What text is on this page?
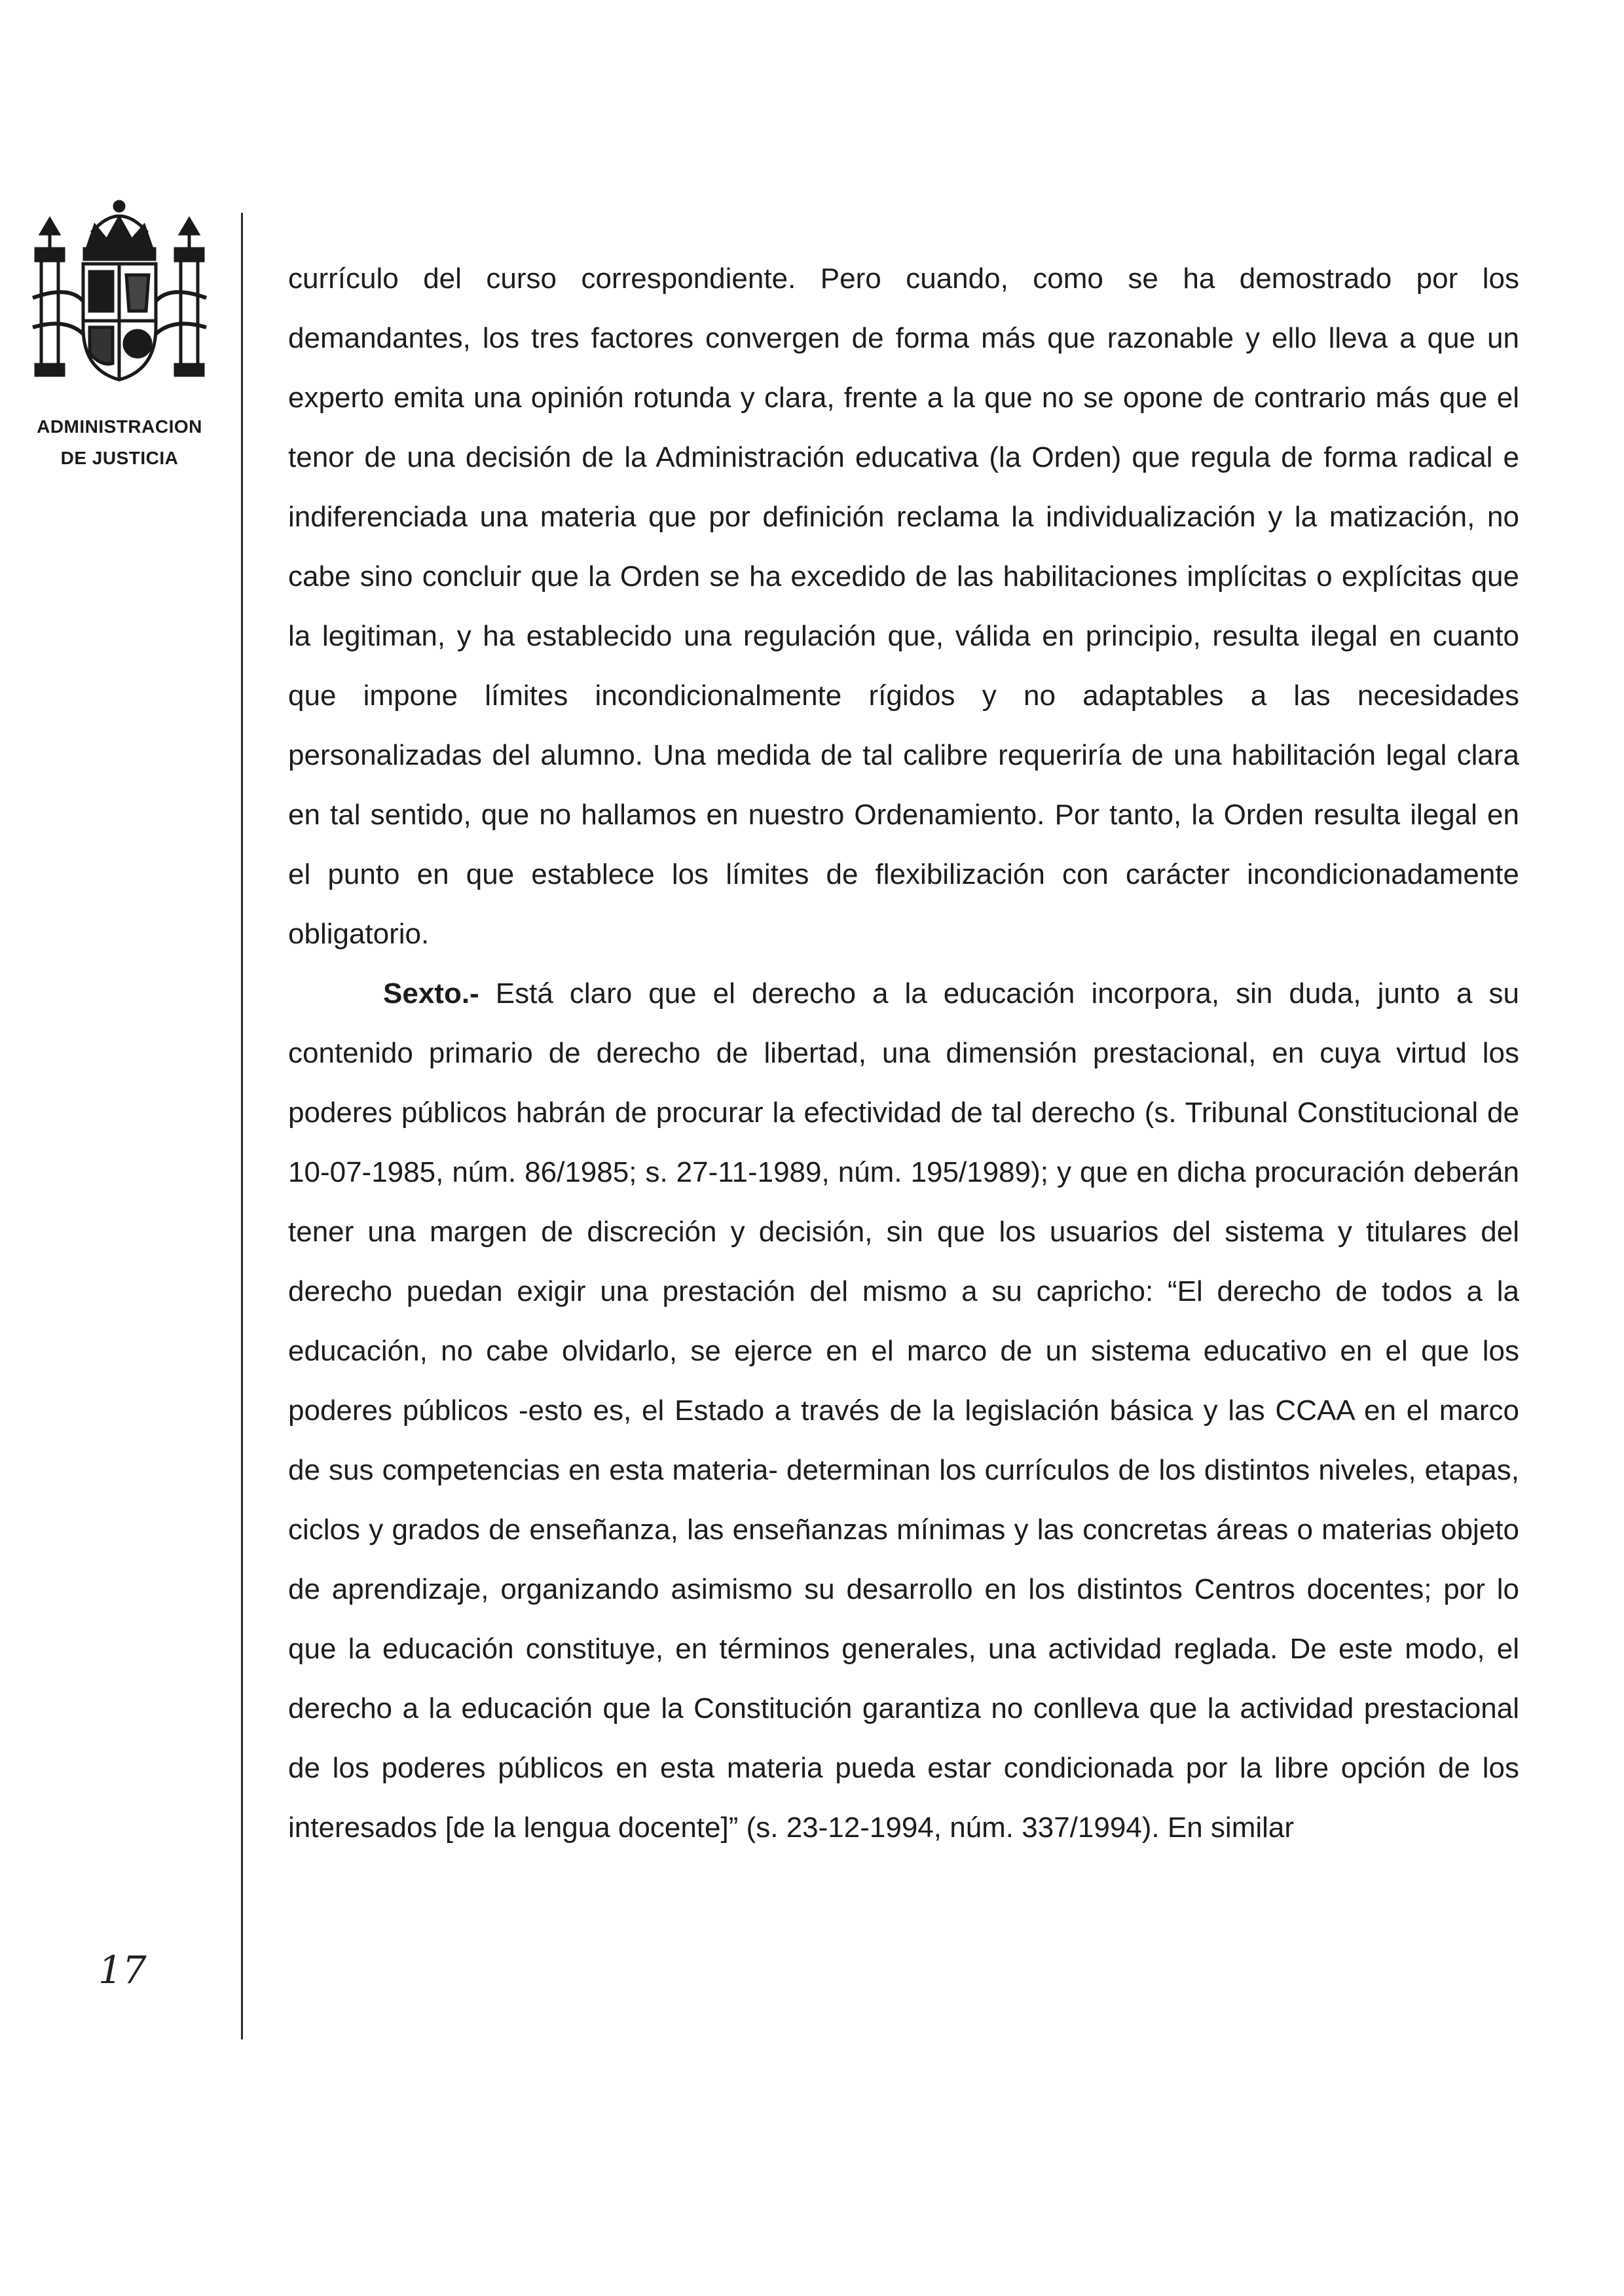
ADMINISTRACION
DE JUSTICIA
17

currículo del curso correspondiente. Pero cuando, como se ha demostrado por los demandantes, los tres factores convergen de forma más que razonable y ello lleva a que un experto emita una opinión rotunda y clara, frente a la que no se opone de contrario más que el tenor de una decisión de la Administración educativa (la Orden) que regula de forma radical e indiferenciada una materia que por definición reclama la individualización y la matización, no cabe sino concluir que la Orden se ha excedido de las habilitaciones implícitas o explícitas que la legitiman, y ha establecido una regulación que, válida en principio, resulta ilegal en cuanto que impone límites incondicionalmente rígidos y no adaptables a las necesidades personalizadas del alumno. Una medida de tal calibre requeriría de una habilitación legal clara en tal sentido, que no hallamos en nuestro Ordenamiento. Por tanto, la Orden resulta ilegal en el punto en que establece los límites de flexibilización con carácter incondicionadamente obligatorio.

Sexto.- Está claro que el derecho a la educación incorpora, sin duda, junto a su contenido primario de derecho de libertad, una dimensión prestacional, en cuya virtud los poderes públicos habrán de procurar la efectividad de tal derecho (s. Tribunal Constitucional de 10-07-1985, núm. 86/1985; s. 27-11-1989, núm. 195/1989); y que en dicha procuración deberán tener una margen de discreción y decisión, sin que los usuarios del sistema y titulares del derecho puedan exigir una prestación del mismo a su capricho: “El derecho de todos a la educación, no cabe olvidarlo, se ejerce en el marco de un sistema educativo en el que los poderes públicos -esto es, el Estado a través de la legislación básica y las CCAA en el marco de sus competencias en esta materia- determinan los currículos de los distintos niveles, etapas, ciclos y grados de enseñanza, las enseñanzas mínimas y las concretas áreas o materias objeto de aprendizaje, organizando asimismo su desarrollo en los distintos Centros docentes; por lo que la educación constituye, en términos generales, una actividad reglada. De este modo, el derecho a la educación que la Constitución garantiza no conlleva que la actividad prestacional de los poderes públicos en esta materia pueda estar condicionada por la libre opción de los interesados [de la lengua docente]” (s. 23-12-1994, núm. 337/1994). En similar
